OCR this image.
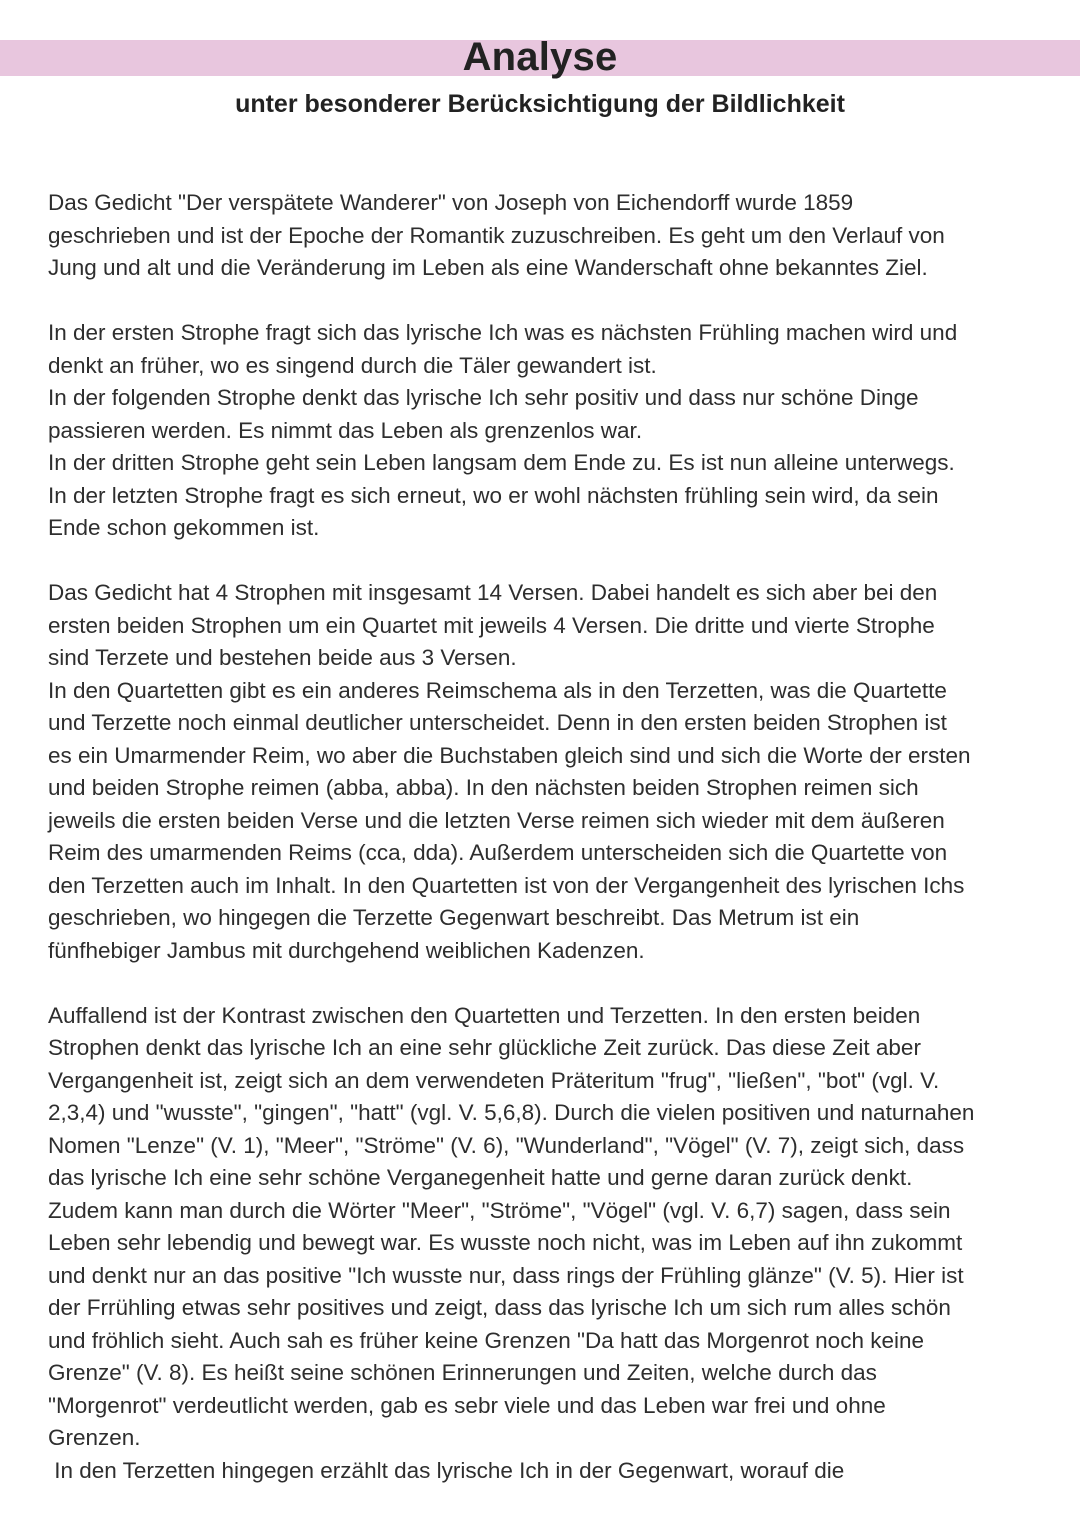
Analyse
unter besonderer Berücksichtigung der Bildlichkeit

Das Gedicht "Der verspätete Wanderer" von Joseph von Eichendorff wurde 1859
geschrieben und ist der Epoche der Romantik zuzuschreiben. Es geht um den Verlauf von
Jung und alt und die Veränderung im Leben als eine Wanderschaft ohne bekanntes Ziel.

In der ersten Strophe fragt sich das lyrische Ich was es nächsten Frühling machen wird und
denkt an früher, wo es singend durch die Täler gewandert ist.
In der folgenden Strophe denkt das lyrische Ich sehr positiv und dass nur schöne Dinge
passieren werden. Es nimmt das Leben als grenzenlos war.
In der dritten Strophe geht sein Leben langsam dem Ende zu. Es ist nun alleine unterwegs.
In der letzten Strophe fragt es sich erneut, wo er wohl nächsten frühling sein wird, da sein
Ende schon gekommen ist.

Das Gedicht hat 4 Strophen mit insgesamt 14 Versen. Dabei handelt es sich aber bei den
ersten beiden Strophen um ein Quartet mit jeweils 4 Versen. Die dritte und vierte Strophe
sind Terzete und bestehen beide aus 3 Versen.
In den Quartetten gibt es ein anderes Reimschema als in den Terzetten, was die Quartette
und Terzette noch einmal deutlicher unterscheidet. Denn in den ersten beiden Strophen ist
es ein Umarmender Reim, wo aber die Buchstaben gleich sind und sich die Worte der ersten
und beiden Strophe reimen (abba, abba). In den nächsten beiden Strophen reimen sich
jeweils die ersten beiden Verse und die letzten Verse reimen sich wieder mit dem äußeren
Reim des umarmenden Reims (cca, dda). Außerdem unterscheiden sich die Quartette von
den Terzetten auch im Inhalt. In den Quartetten ist von der Vergangenheit des lyrischen Ichs
geschrieben, wo hingegen die Terzette Gegenwart beschreibt. Das Metrum ist ein
fünfhebiger Jambus mit durchgehend weiblichen Kadenzen.

Auffallend ist der Kontrast zwischen den Quartetten und Terzetten. In den ersten beiden
Strophen denkt das lyrische Ich an eine sehr glückliche Zeit zurück. Das diese Zeit aber
Vergangenheit ist, zeigt sich an dem verwendeten Präteritum "frug", "ließen", "bot" (vgl. V.
2,3,4) und "wusste", "gingen", "hatt" (vgl. V. 5,6,8). Durch die vielen positiven und naturnahen
Nomen "Lenze" (V. 1), "Meer", "Ströme" (V. 6), "Wunderland", "Vögel" (V. 7), zeigt sich, dass
das lyrische Ich eine sehr schöne Verganegenheit hatte und gerne daran zurück denkt.
Zudem kann man durch die Wörter "Meer", "Ströme", "Vögel" (vgl. V. 6,7) sagen, dass sein
Leben sehr lebendig und bewegt war. Es wusste noch nicht, was im Leben auf ihn zukommt
und denkt nur an das positive "Ich wusste nur, dass rings der Frühling glänze" (V. 5). Hier ist
der Frrühling etwas sehr positives und zeigt, dass das lyrische Ich um sich rum alles schön
und fröhlich sieht. Auch sah es früher keine Grenzen "Da hatt das Morgenrot noch keine
Grenze" (V. 8). Es heißt seine schönen Erinnerungen und Zeiten, welche durch das
"Morgenrot" verdeutlicht werden, gab es sebr viele und das Leben war frei und ohne
Grenzen.
In den Terzetten hingegen erzählt das lyrische Ich in der Gegenwart, worauf die
